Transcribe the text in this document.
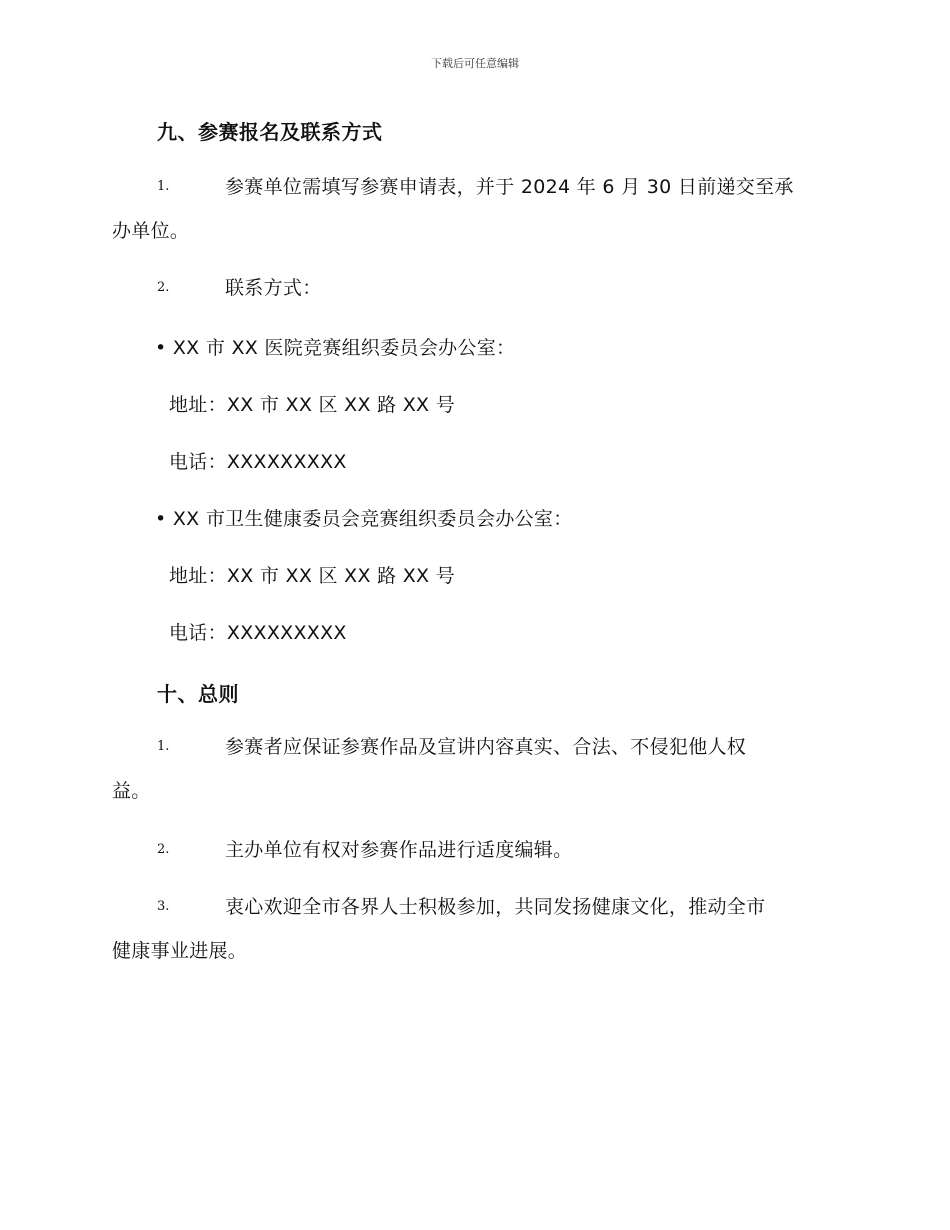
下载后可任意编辑
九、参赛报名及联系方式
1.	参赛单位需填写参赛申请表，并于 2024 年 6 月 30 日前递交至承
办单位。
2.	联系方式：
• XX 市 XX 医院竞赛组织委员会办公室：
地址：XX 市 XX 区 XX 路 XX 号
电话：XXXXXXXXX
• XX 市卫生健康委员会竞赛组织委员会办公室：
地址：XX 市 XX 区 XX 路 XX 号
电话：XXXXXXXXX
十、总则
1.	参赛者应保证参赛作品及宣讲内容真实、合法、不侵犯他人权
益。
2.	主办单位有权对参赛作品进行适度编辑。
3.	衷心欢迎全市各界人士积极参加，共同发扬健康文化，推动全市
健康事业进展。
